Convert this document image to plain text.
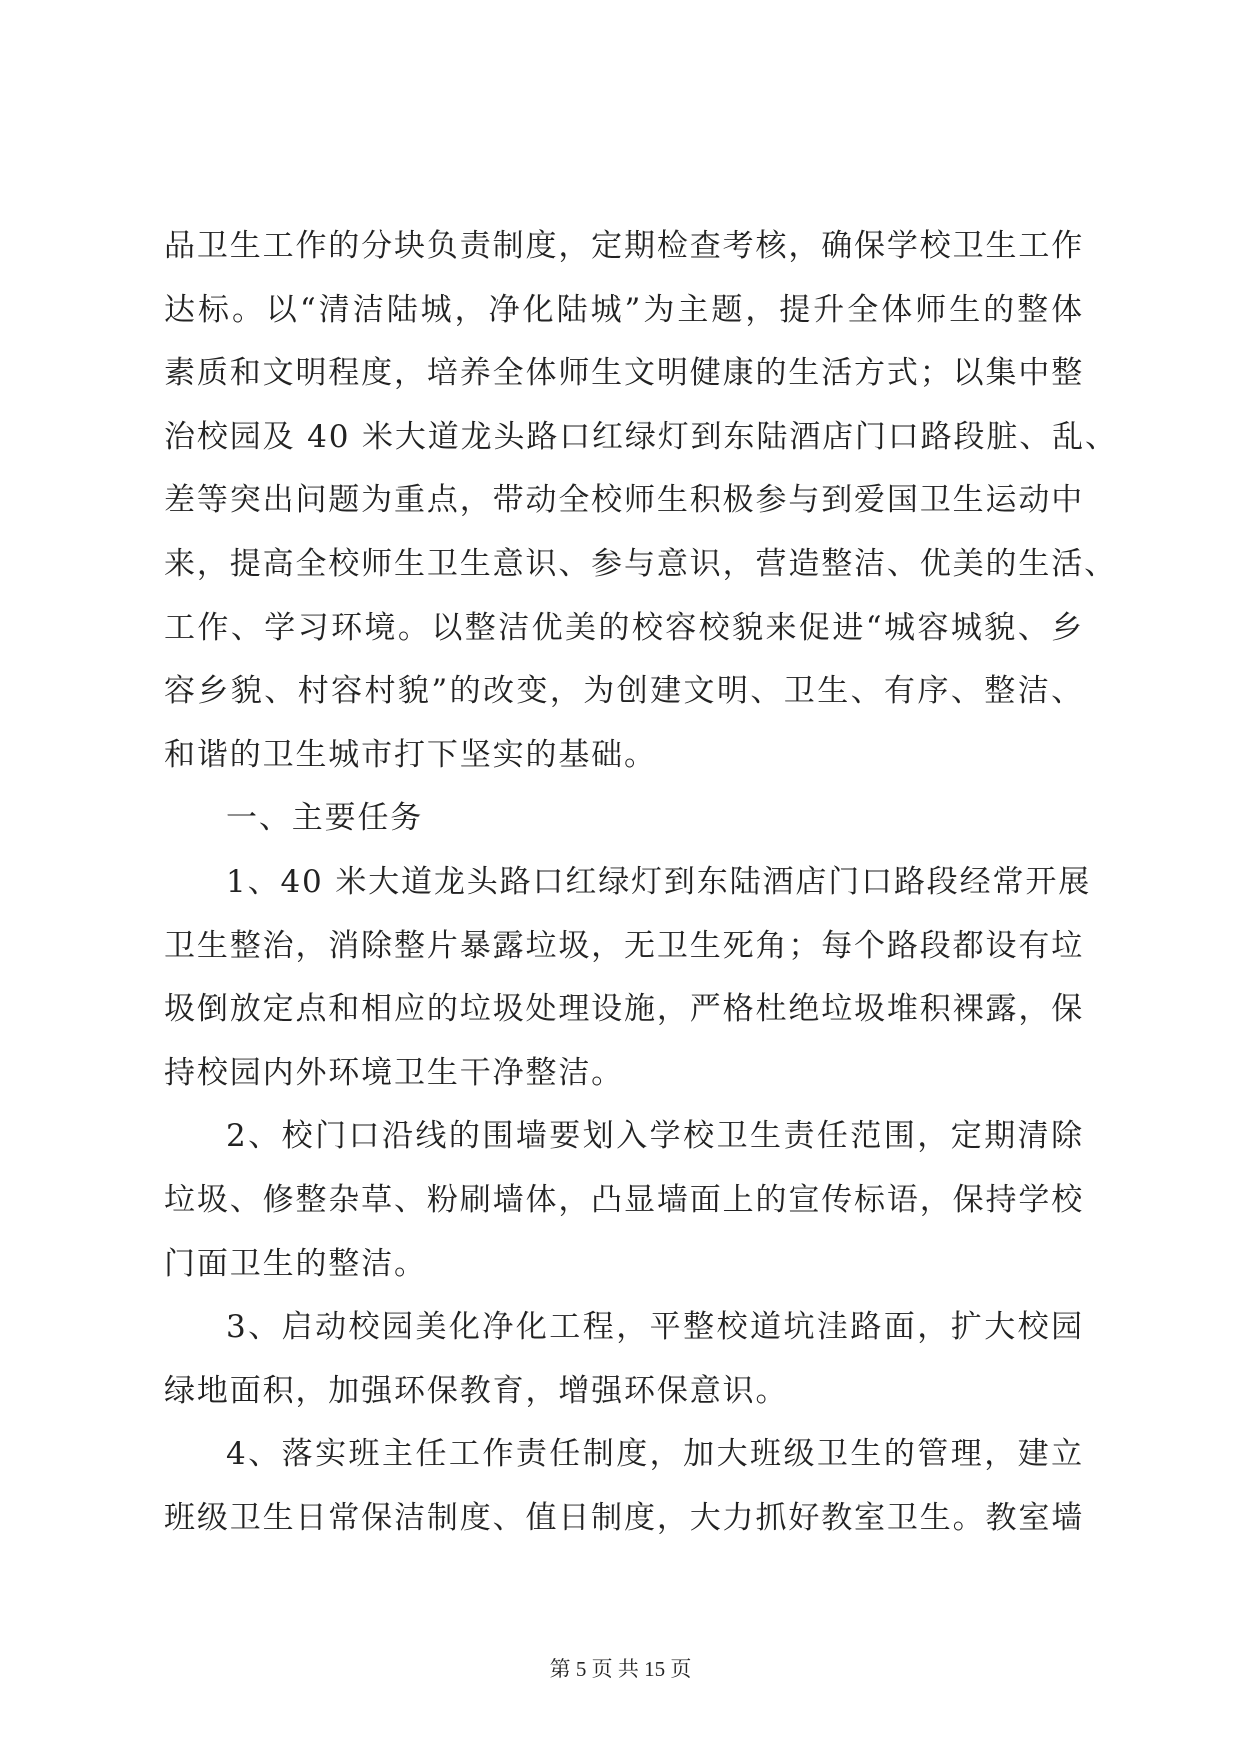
品卫生工作的分块负责制度，定期检查考核，确保学校卫生工作
达标。以“清洁陆城，净化陆城”为主题，提升全体师生的整体
素质和文明程度，培养全体师生文明健康的生活方式；以集中整
治校园及 40 米大道龙头路口红绿灯到东陆酒店门口路段脏、乱、
差等突出问题为重点，带动全校师生积极参与到爱国卫生运动中
来，提高全校师生卫生意识、参与意识，营造整洁、优美的生活、
工作、学习环境。以整洁优美的校容校貌来促进“城容城貌、乡
容乡貌、村容村貌”的改变，为创建文明、卫生、有序、整洁、
和谐的卫生城市打下坚实的基础。
一、主要任务
1、40 米大道龙头路口红绿灯到东陆酒店门口路段经常开展
卫生整治，消除整片暴露垃圾，无卫生死角；每个路段都设有垃
圾倒放定点和相应的垃圾处理设施，严格杜绝垃圾堆积裸露，保
持校园内外环境卫生干净整洁。
2、校门口沿线的围墙要划入学校卫生责任范围，定期清除
垃圾、修整杂草、粉刷墙体，凸显墙面上的宣传标语，保持学校
门面卫生的整洁。
3、启动校园美化净化工程，平整校道坑洼路面，扩大校园
绿地面积，加强环保教育，增强环保意识。
4、落实班主任工作责任制度，加大班级卫生的管理，建立
班级卫生日常保洁制度、值日制度，大力抓好教室卫生。教室墙
第 5 页 共 15 页
